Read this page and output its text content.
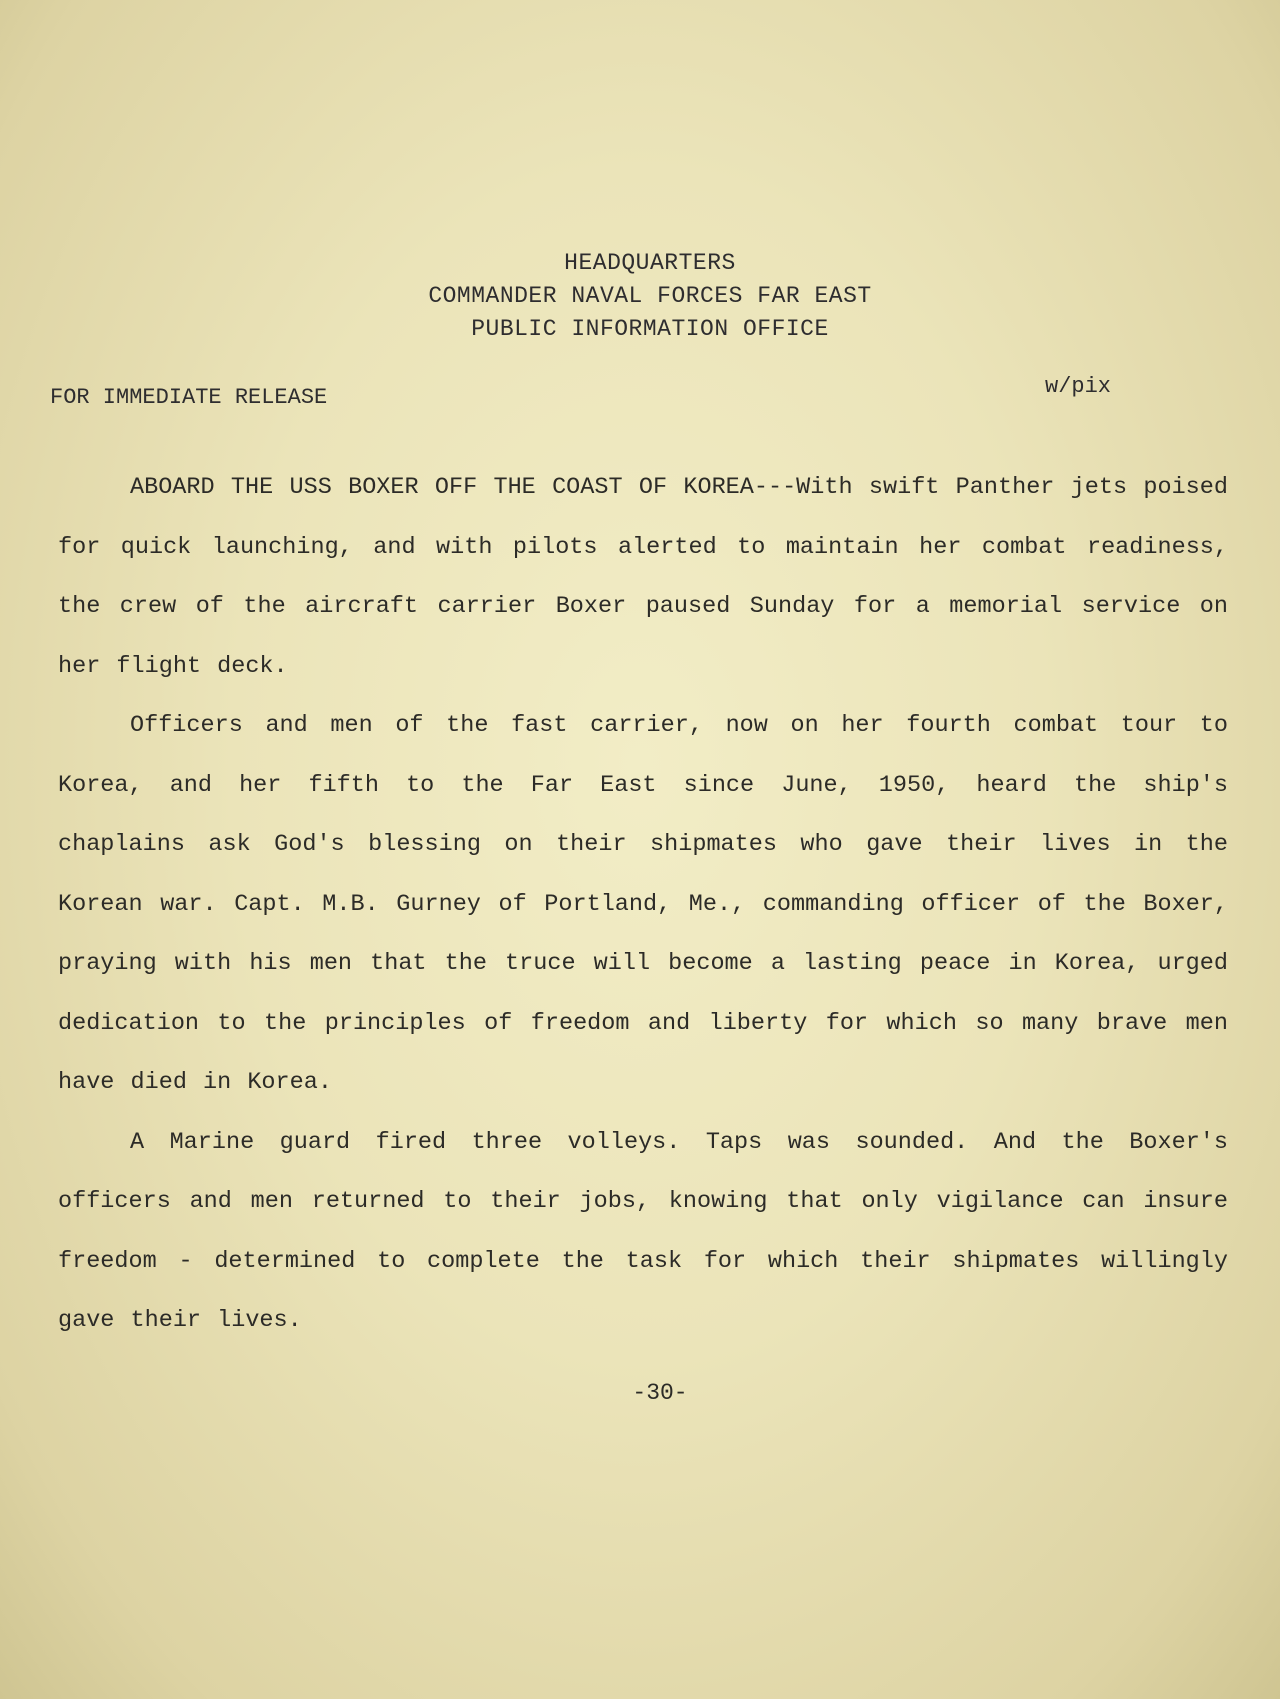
HEADQUARTERS
COMMANDER NAVAL FORCES FAR EAST
PUBLIC INFORMATION OFFICE
FOR IMMEDIATE RELEASE	w/pix

ABOARD THE USS BOXER OFF THE COAST OF KOREA---With swift Panther jets poised for quick launching, and with pilots alerted to maintain her combat readiness, the crew of the aircraft carrier Boxer paused Sunday for a memorial service on her flight deck.

Officers and men of the fast carrier, now on her fourth combat tour to Korea, and her fifth to the Far East since June, 1950, heard the ship's chaplains ask God's blessing on their shipmates who gave their lives in the Korean war. Capt. M.B. Gurney of Portland, Me., commanding officer of the Boxer, praying with his men that the truce will become a lasting peace in Korea, urged dedication to the principles of freedom and liberty for which so many brave men have died in Korea.

A Marine guard fired three volleys. Taps was sounded. And the Boxer's officers and men returned to their jobs, knowing that only vigilance can insure freedom - determined to complete the task for which their shipmates willingly gave their lives.

-30-
